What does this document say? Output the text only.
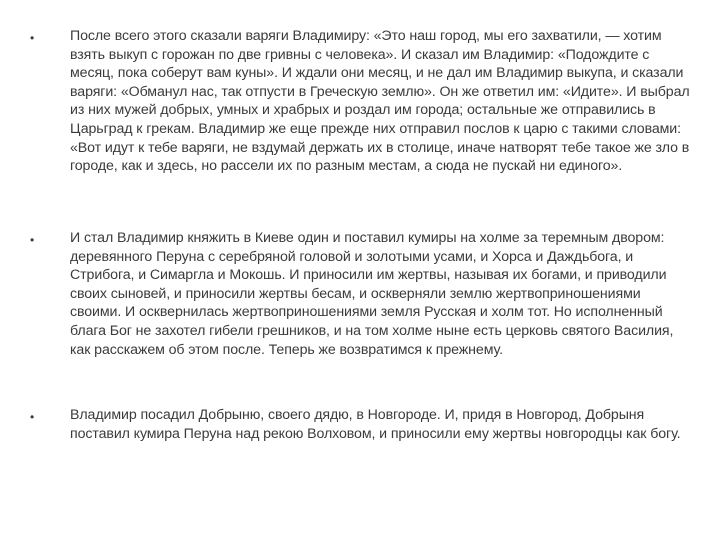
•	После всего этого сказали варяги Владимиру: «Это наш город, мы его захватили, — хотим взять выкуп с горожан по две гривны с человека». И сказал им Владимир: «Подождите с месяц, пока соберут вам куны». И ждали они месяц, и не дал им Владимир выкупа, и сказали варяги: «Обманул нас, так отпусти в Греческую землю». Он же ответил им: «Идите». И выбрал из них мужей добрых, умных и храбрых и роздал им города; остальные же отправились в Царьград к грекам. Владимир же еще прежде них отправил послов к царю с такими словами: «Вот идут к тебе варяги, не вздумай держать их в столице, иначе натворят тебе такое же зло в городе, как и здесь, но рассели их по разным местам, а сюда не пускай ни единого».

•	И стал Владимир княжить в Киеве один и поставил кумиры на холме за теремным двором: деревянного Перуна с серебряной головой и золотыми усами, и Хорса и Даждьбога, и Стрибога, и Симаргла и Мокошь. И приносили им жертвы, называя их богами, и приводили своих сыновей, и приносили жертвы бесам, и оскверняли землю жертвоприношениями своими. И осквернилась жертвоприношениями земля Русская и холм тот. Но исполненный блага Бог не захотел гибели грешников, и на том холме ныне есть церковь святого Василия, как расскажем об этом после. Теперь же возвратимся к прежнему.

•	Владимир посадил Добрыню, своего дядю, в Новгороде. И, придя в Новгород, Добрыня поставил кумира Перуна над рекою Волховом, и приносили ему жертвы новгородцы как богу.
